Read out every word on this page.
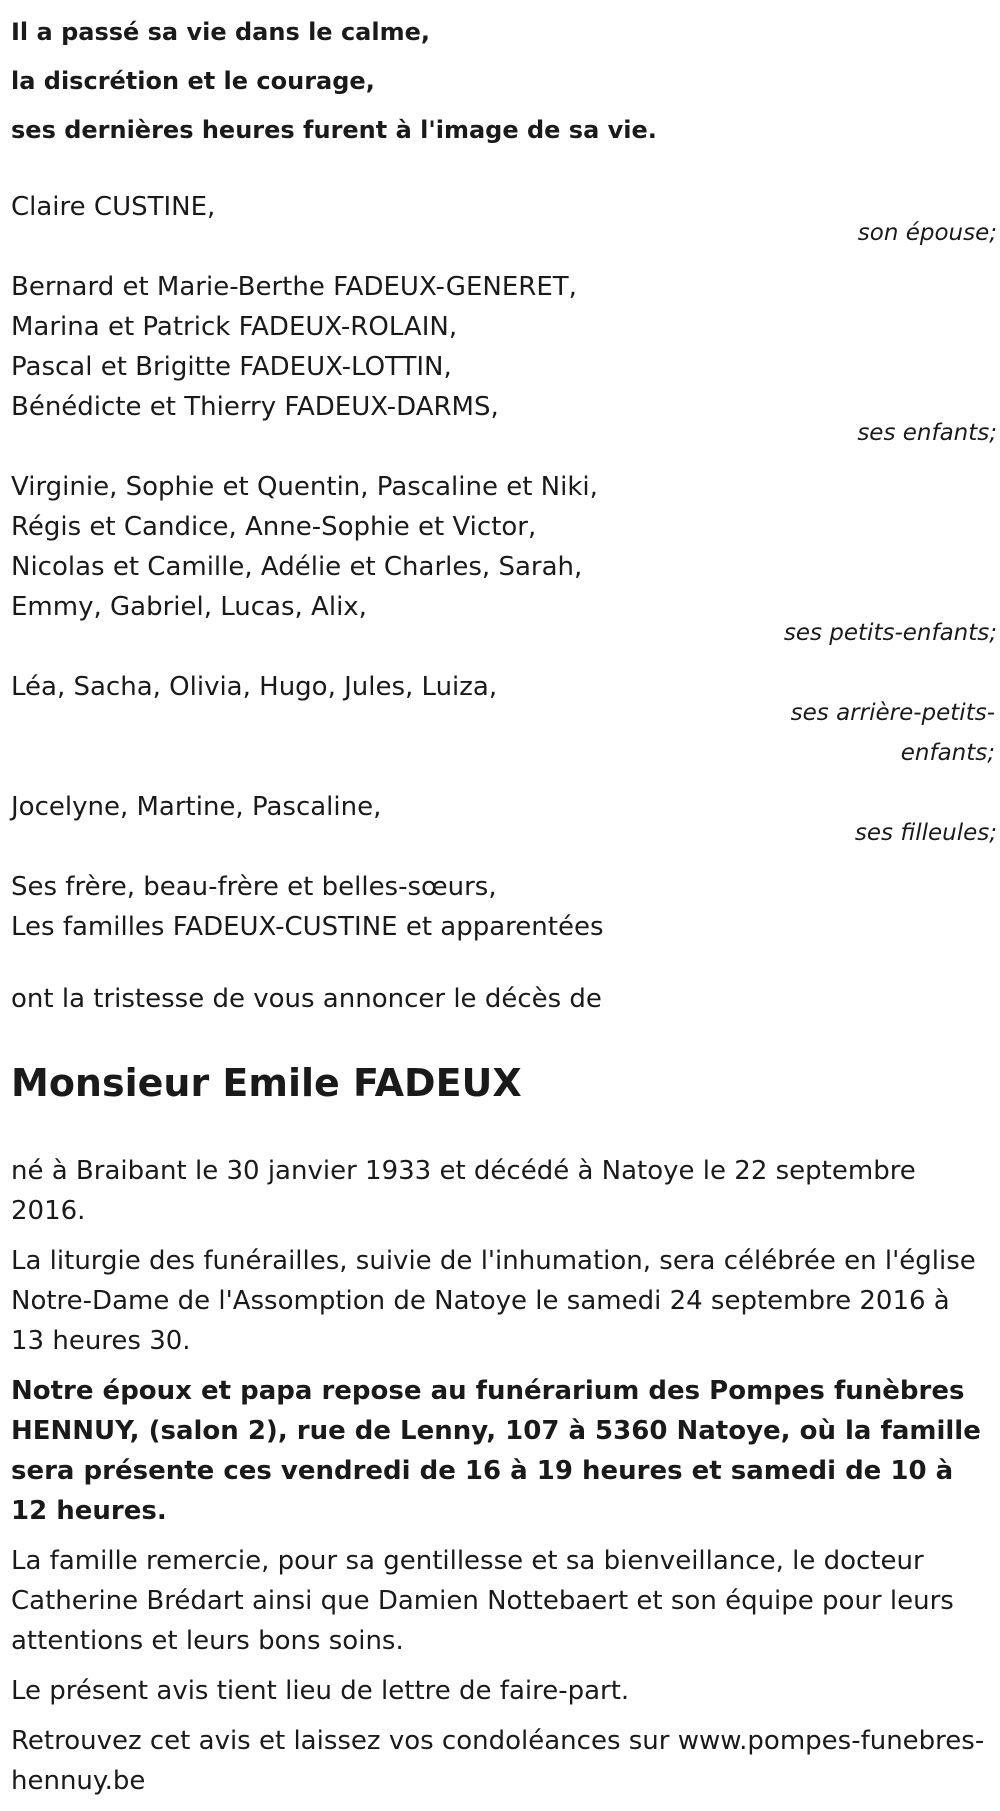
Il a passé sa vie dans le calme,

la discrétion et le courage,

ses dernières heures furent à l'image de sa vie.

Claire CUSTINE,

son épouse;

Bernard et Marie-Berthe FADEUX-GENERET,

Marina et Patrick FADEUX-ROLAIN,

Pascal et Brigitte FADEUX-LOTTIN,

Bénédicte et Thierry FADEUX-DARMS,

ses enfants;

Virginie, Sophie et Quentin, Pascaline et Niki,

Régis et Candice, Anne-Sophie et Victor,

Nicolas et Camille, Adélie et Charles, Sarah,

Emmy, Gabriel, Lucas, Alix,

ses petits-enfants;

Léa, Sacha, Olivia, Hugo, Jules, Luiza,

ses arrière-petits-
enfants;

Jocelyne, Martine, Pascaline,

ses filleules;

Ses frère, beau-frère et belles-sœurs,

Les familles FADEUX-CUSTINE et apparentées

ont la tristesse de vous annoncer le décès de
Monsieur Emile FADEUX

né à Braibant le 30 janvier 1933 et décédé à Natoye le 22 septembre 2016.

La liturgie des funérailles, suivie de l'inhumation, sera célébrée en l'église Notre-Dame de l'Assomption de Natoye le samedi 24 septembre 2016 à 13 heures 30.

Notre époux et papa repose au funérarium des Pompes funèbres HENNUY, (salon 2), rue de Lenny, 107 à 5360 Natoye, où la famille sera présente ces vendredi de 16 à 19 heures et samedi de 10 à 12 heures.

La famille remercie, pour sa gentillesse et sa bienveillance, le docteur Catherine Brédart ainsi que Damien Nottebaert et son équipe pour leurs attentions et leurs bons soins.

Le présent avis tient lieu de lettre de faire-part.

Retrouvez cet avis et laissez vos condoléances sur www.pompes-funebres-hennuy.be
